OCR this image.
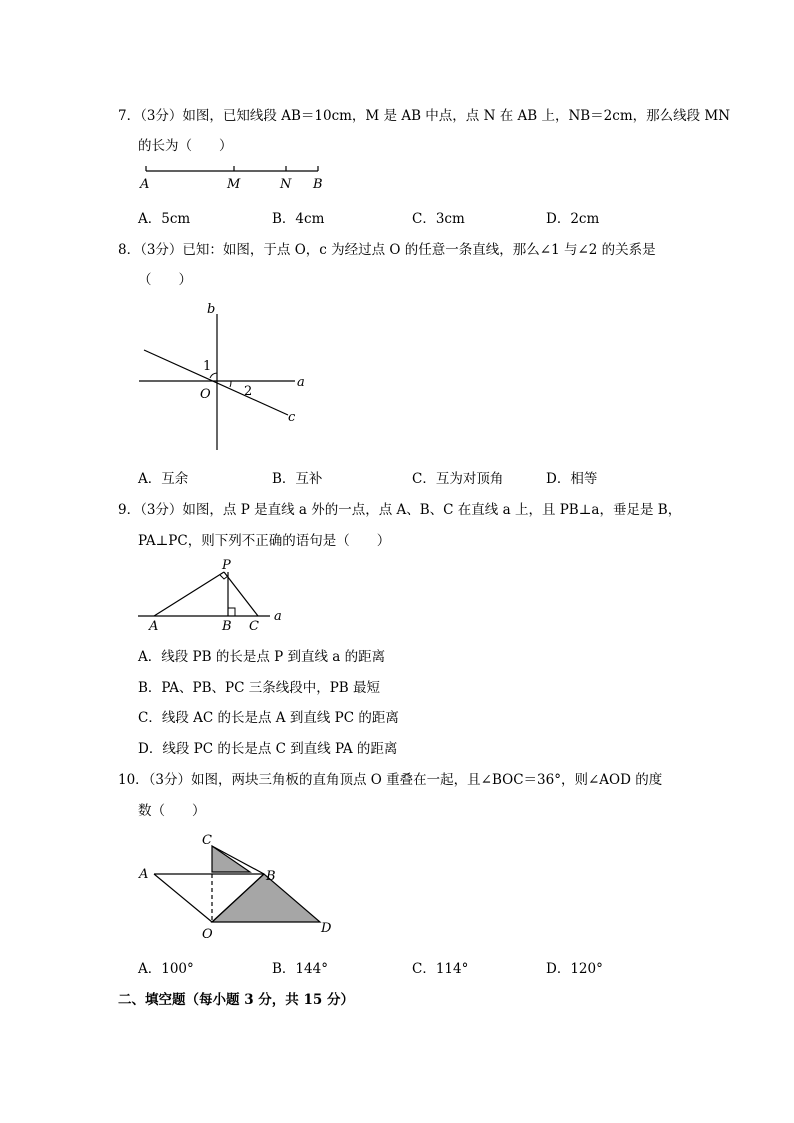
7．（3分）如图，已知线段 AB＝10cm，M 是 AB 中点，点 N 在 AB 上，NB＝2cm，那么线段 MN
的长为（　　）
A	M	N B
A．5cm	B．4cm	C．3cm	D．2cm
8．（3分）已知：如图，于点 O，c 为经过点 O 的任意一条直线，那么∠1 与∠2 的关系是
（　　）
b
a
c
O
1
2
A．互余	B．互补	C．互为对顶角	D．相等
9．（3分）如图，点 P 是直线 a 外的一点，点 A、B、C 在直线 a 上，且 PB⊥a，垂足是 B，
PA⊥PC，则下列不正确的语句是（　　）
P
A	B C
a
A．线段 PB 的长是点 P 到直线 a 的距离
B．PA、PB、PC 三条线段中，PB 最短
C．线段 AC 的长是点 A 到直线 PC 的距离
D．线段 PC 的长是点 C 到直线 PA 的距离
10．（3分）如图，两块三角板的直角顶点 O 重叠在一起，且∠BOC＝36°，则∠AOD 的度
数（　　）
C
A	B
O	D
A．100°	B．144°	C．114°	D．120°
二、填空题（每小题 3 分，共 15 分）
